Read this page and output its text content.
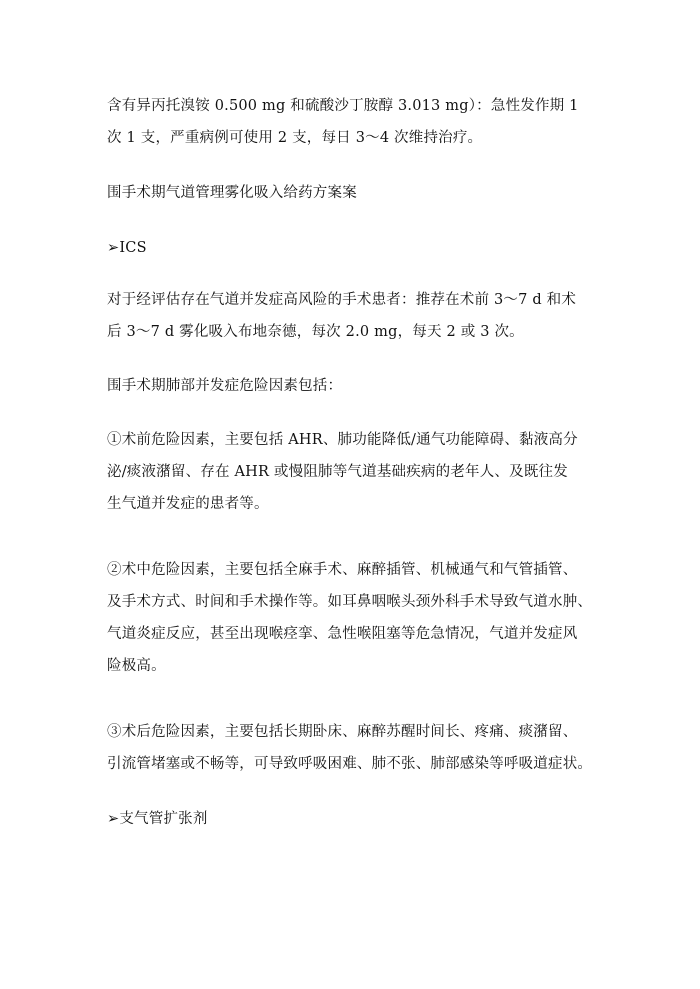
含有异丙托溴铵 0.500 mg 和硫酸沙丁胺醇 3.013 mg）：急性发作期 1
次 1 支，严重病例可使用 2 支，每日 3～4 次维持治疗。
围手术期气道管理雾化吸入给药方案案
➢ICS
对于经评估存在气道并发症高风险的手术患者：推荐在术前 3～7 d 和术
后 3～7 d 雾化吸入布地奈德，每次 2.0 mg，每天 2 或 3 次。
围手术期肺部并发症危险因素包括：
①术前危险因素，主要包括 AHR、肺功能降低/通气功能障碍、黏液高分
泌/痰液潴留、存在 AHR 或慢阻肺等气道基础疾病的老年人、及既往发
生气道并发症的患者等。
②术中危险因素，主要包括全麻手术、麻醉插管、机械通气和气管插管、
及手术方式、时间和手术操作等。如耳鼻咽喉头颈外科手术导致气道水肿、
气道炎症反应，甚至出现喉痉挛、急性喉阻塞等危急情况，气道并发症风
险极高。
③术后危险因素，主要包括长期卧床、麻醉苏醒时间长、疼痛、痰潴留、
引流管堵塞或不畅等，可导致呼吸困难、肺不张、肺部感染等呼吸道症状。
➢支气管扩张剂
